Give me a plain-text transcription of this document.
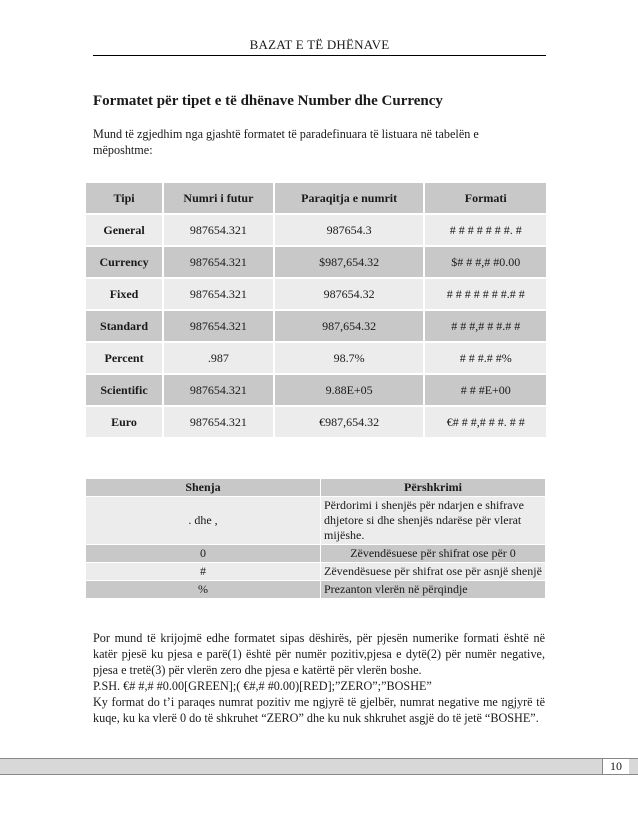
BAZAT E TË DHËNAVE
Formatet për tipet e të dhënave Number dhe Currency
Mund të zgjedhim nga gjashtë formatet të paradefinuara të listuara në tabelën e mëposhtme:
Tipi	Numri i futur	Paraqitja e numrit	Formati
General	987654.321	987654.3	# # # # # # #. #
Currency	987654.321	$987,654.32	$# # #,# #0.00
Fixed	987654.321	987654.32	# # # # # # #.# #
Standard	987654.321	987,654.32	# # #,# # #.# #
Percent	.987	98.7%	# # #.# #%
Scientific	987654.321	9.88E+05	# # #E+00
Euro	987654.321	€987,654.32	€# # #,# # #. # #
Shenja	Përshkrimi
. dhe ,	Përdorimi i shenjës për ndarjen e shifrave dhjetore si dhe shenjës ndarëse për vlerat mijëshe.
0	Zëvendësuese për shifrat ose për 0
#	Zëvendësuese për shifrat ose për asnjë shenjë
%	Prezanton vlerën në përqindje

Por mund të krijojmë edhe formatet sipas dëshirës, për pjesën numerike formati është në katër pjesë ku pjesa e parë(1) është për numër pozitiv,pjesa e dytë(2) për numër negative, pjesa e tretë(3) për vlerën zero dhe pjesa e katërtë për vlerën boshe.

P.SH. €# #,# #0.00[GREEN];( €#,# #0.00)[RED];”ZERO”;”BOSHE”

Ky format do t’i paraqes numrat pozitiv me ngjyrë të gjelbër, numrat negative me ngjyrë të kuqe, ku ka vlerë 0 do të shkruhet “ZERO” dhe ku nuk shkruhet asgjë do të jetë “BOSHE”.

10
